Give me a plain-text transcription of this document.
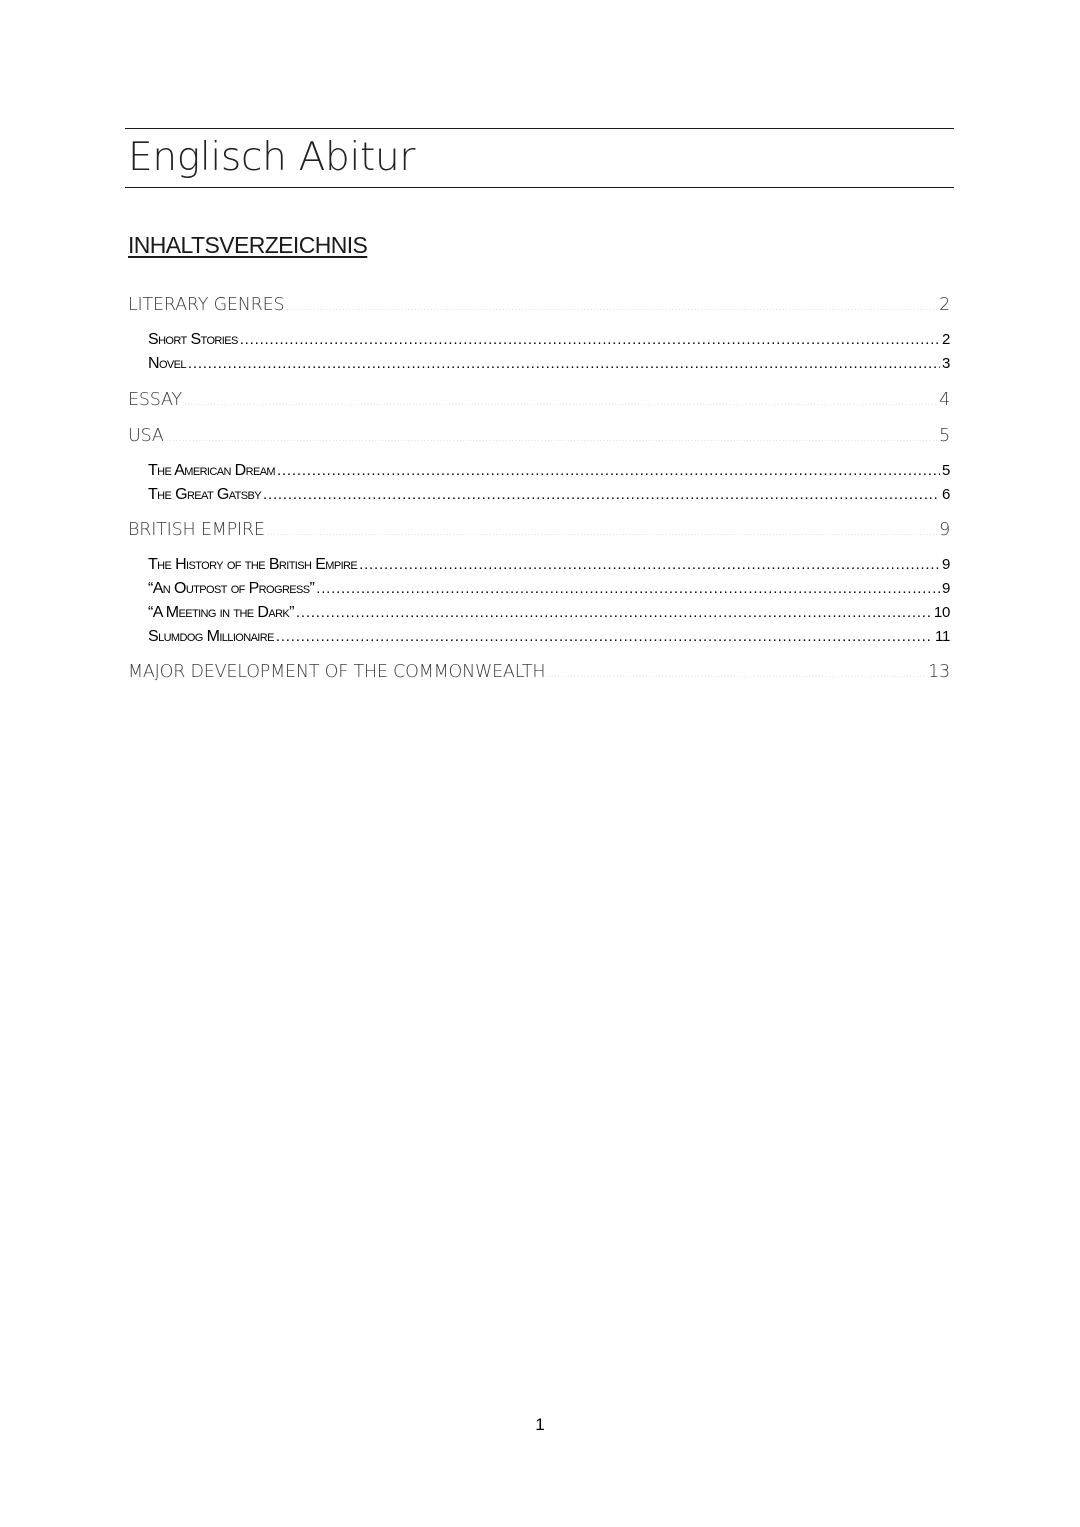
Englisch Abitur
INHALTSVERZEICHNIS
LITERARY GENRES .....	2
Short Stories .....	2
Novel .....	3
ESSAY .....	4
USA .....	5
The American Dream .....	5
The Great Gatsby .....	6
BRITISH EMPIRE .....	9
The History of the British Empire .....	9
“An Outpost of Progress” .....	9
“A Meeting in the Dark” .....	10
Slumdog Millionaire .....	11
MAJOR DEVELOPMENT OF THE COMMONWEALTH .....	13
1
